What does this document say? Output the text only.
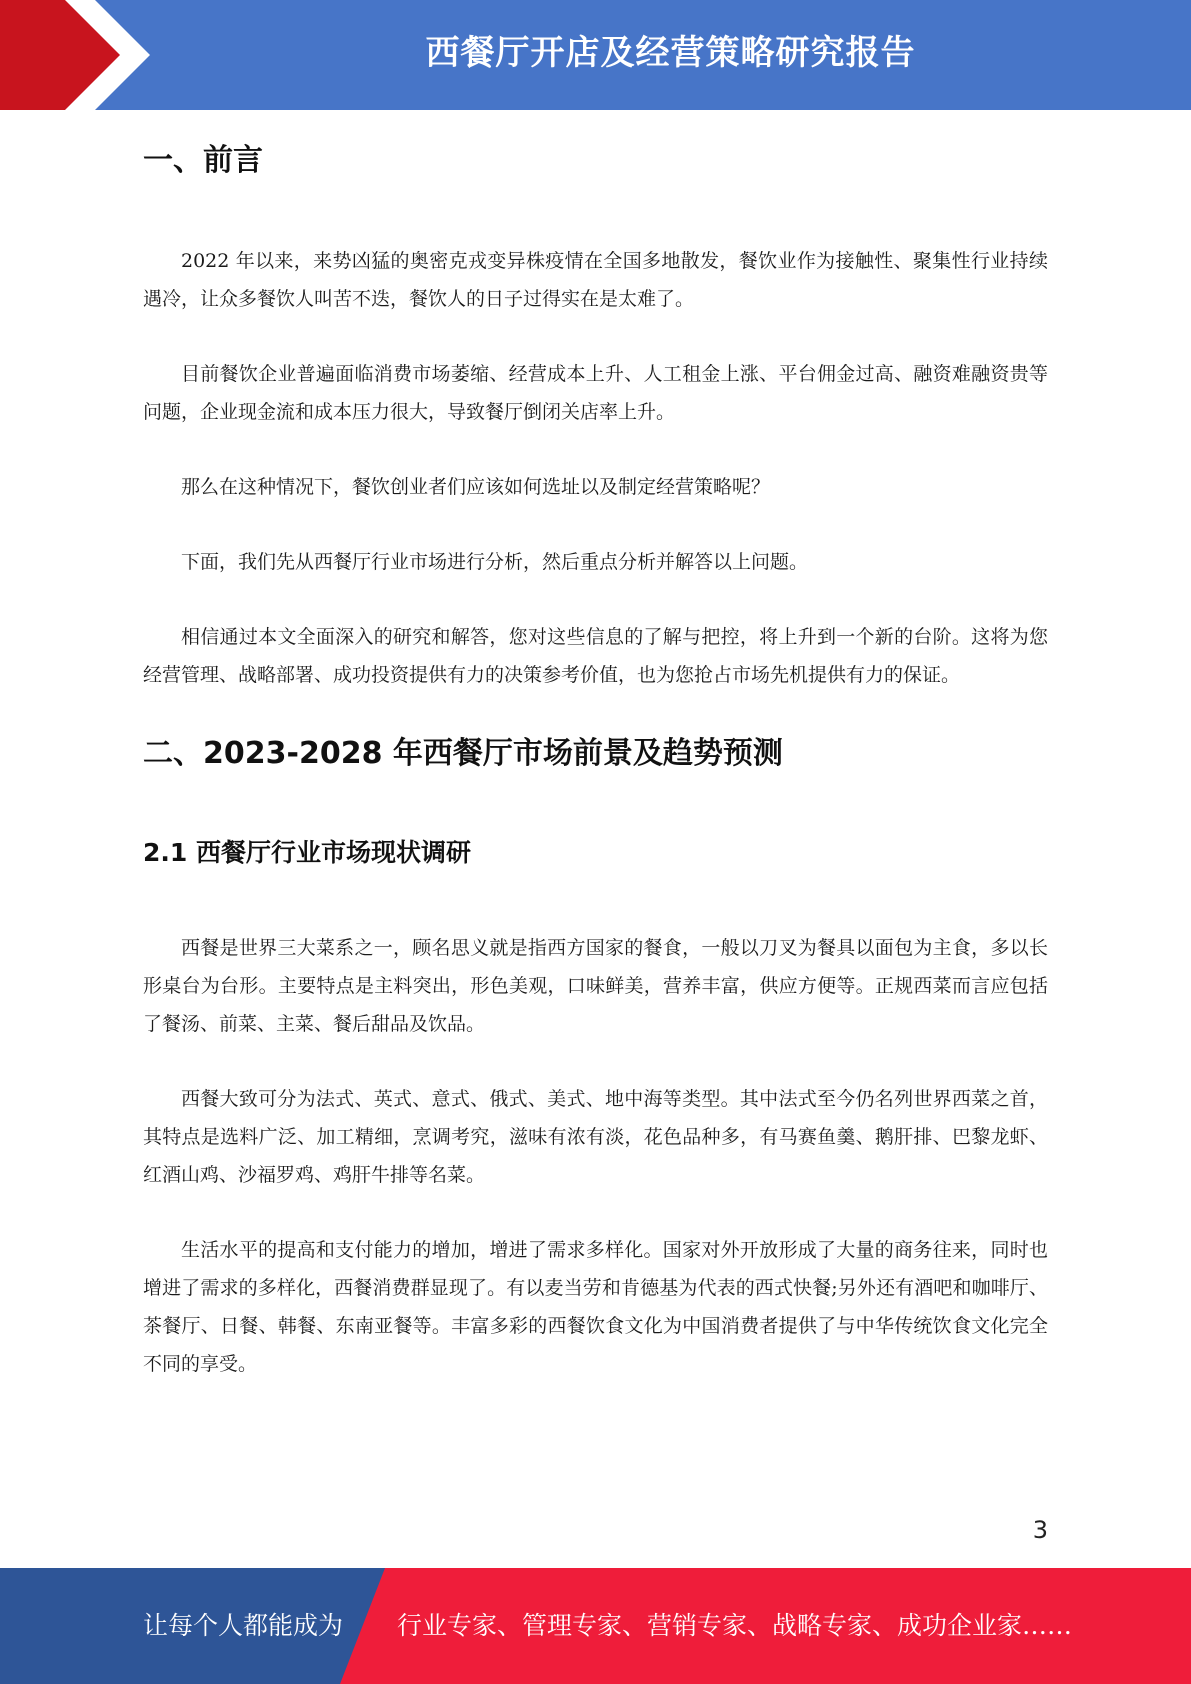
西餐厅开店及经营策略研究报告
一、前言

2022 年以来，来势凶猛的奥密克戎变异株疫情在全国多地散发，餐饮业作为接触性、聚集性行业持续遇冷，让众多餐饮人叫苦不迭，餐饮人的日子过得实在是太难了。

目前餐饮企业普遍面临消费市场萎缩、经营成本上升、人工租金上涨、平台佣金过高、融资难融资贵等问题，企业现金流和成本压力很大，导致餐厅倒闭关店率上升。

那么在这种情况下，餐饮创业者们应该如何选址以及制定经营策略呢？

下面，我们先从西餐厅行业市场进行分析，然后重点分析并解答以上问题。

相信通过本文全面深入的研究和解答，您对这些信息的了解与把控，将上升到一个新的台阶。这将为您经营管理、战略部署、成功投资提供有力的决策参考价值，也为您抢占市场先机提供有力的保证。

二、2023-2028 年西餐厅市场前景及趋势预测
2.1 西餐厅行业市场现状调研

西餐是世界三大菜系之一，顾名思义就是指西方国家的餐食，一般以刀叉为餐具以面包为主食，多以长形桌台为台形。主要特点是主料突出，形色美观，口味鲜美，营养丰富，供应方便等。正规西菜而言应包括了餐汤、前菜、主菜、餐后甜品及饮品。

西餐大致可分为法式、英式、意式、俄式、美式、地中海等类型。其中法式至今仍名列世界西菜之首，其特点是选料广泛、加工精细，烹调考究，滋味有浓有淡，花色品种多，有马赛鱼羹、鹅肝排、巴黎龙虾、红酒山鸡、沙福罗鸡、鸡肝牛排等名菜。

生活水平的提高和支付能力的增加，增进了需求多样化。国家对外开放形成了大量的商务往来，同时也增进了需求的多样化，西餐消费群显现了。有以麦当劳和肯德基为代表的西式快餐;另外还有酒吧和咖啡厅、茶餐厅、日餐、韩餐、东南亚餐等。丰富多彩的西餐饮食文化为中国消费者提供了与中华传统饮食文化完全不同的享受。

3
让每个人都能成为 行业专家、管理专家、营销专家、战略专家、成功企业家……
